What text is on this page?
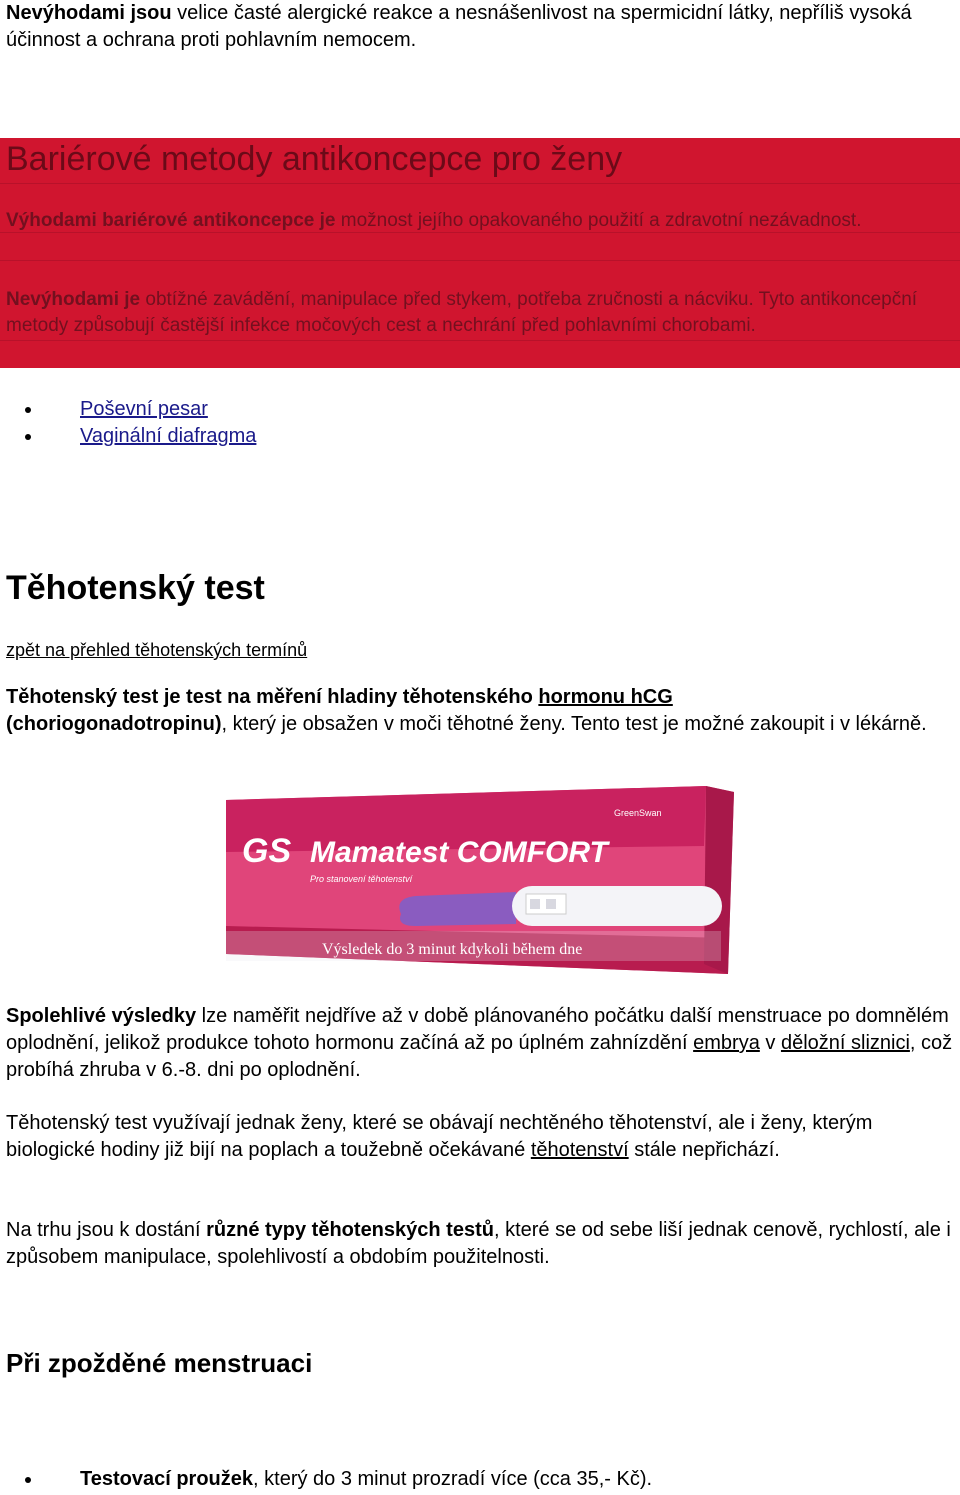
Nevýhodami jsou velice časté alergické reakce a nesnášenlivost na spermicidní látky, nepříliš vysoká účinnost a ochrana proti pohlavním nemocem.

Bariérové metody antikoncepce pro ženy

Výhodami bariérové antikoncepce je možnost jejího opakovaného použití a zdravotní nezávadnost.

Nevýhodami je obtížné zavádění, manipulace před stykem, potřeba zručnosti a nácviku. Tyto antikoncepční metody způsobují častější infekce močových cest a nechrání před pohlavními chorobami.

Poševní pesar
Vaginální diafragma
Těhotenský test
zpět na přehled těhotenských termínů

Těhotenský test je test na měření hladiny těhotenského hormonu hCG
(choriogonadotropinu), který je obsažen v moči těhotné ženy. Tento test je možné zakoupit i v lékárně.

GreenSwan
GS Mamatest COMFORT
Pro stanovení těhotenství
Výsledek do 3 minut kdykoli během dne

Spolehlivé výsledky lze naměřit nejdříve až v době plánovaného počátku další menstruace po domnělém oplodnění, jelikož produkce tohoto hormonu začíná až po úplném zahnízdění embrya v děložní sliznici, což probíhá zhruba v 6.-8. dni po oplodnění.

Těhotenský test využívají jednak ženy, které se obávají nechtěného těhotenství, ale i ženy, kterým biologické hodiny již bijí na poplach a toužebně očekávané těhotenství stále nepřichází.

Na trhu jsou k dostání různé typy těhotenských testů, které se od sebe liší jednak cenově, rychlostí, ale i způsobem manipulace, spolehlivostí a obdobím použitelnosti.

Při zpožděné menstruaci
Testovací proužek, který do 3 minut prozradí více (cca 35,- Kč).
